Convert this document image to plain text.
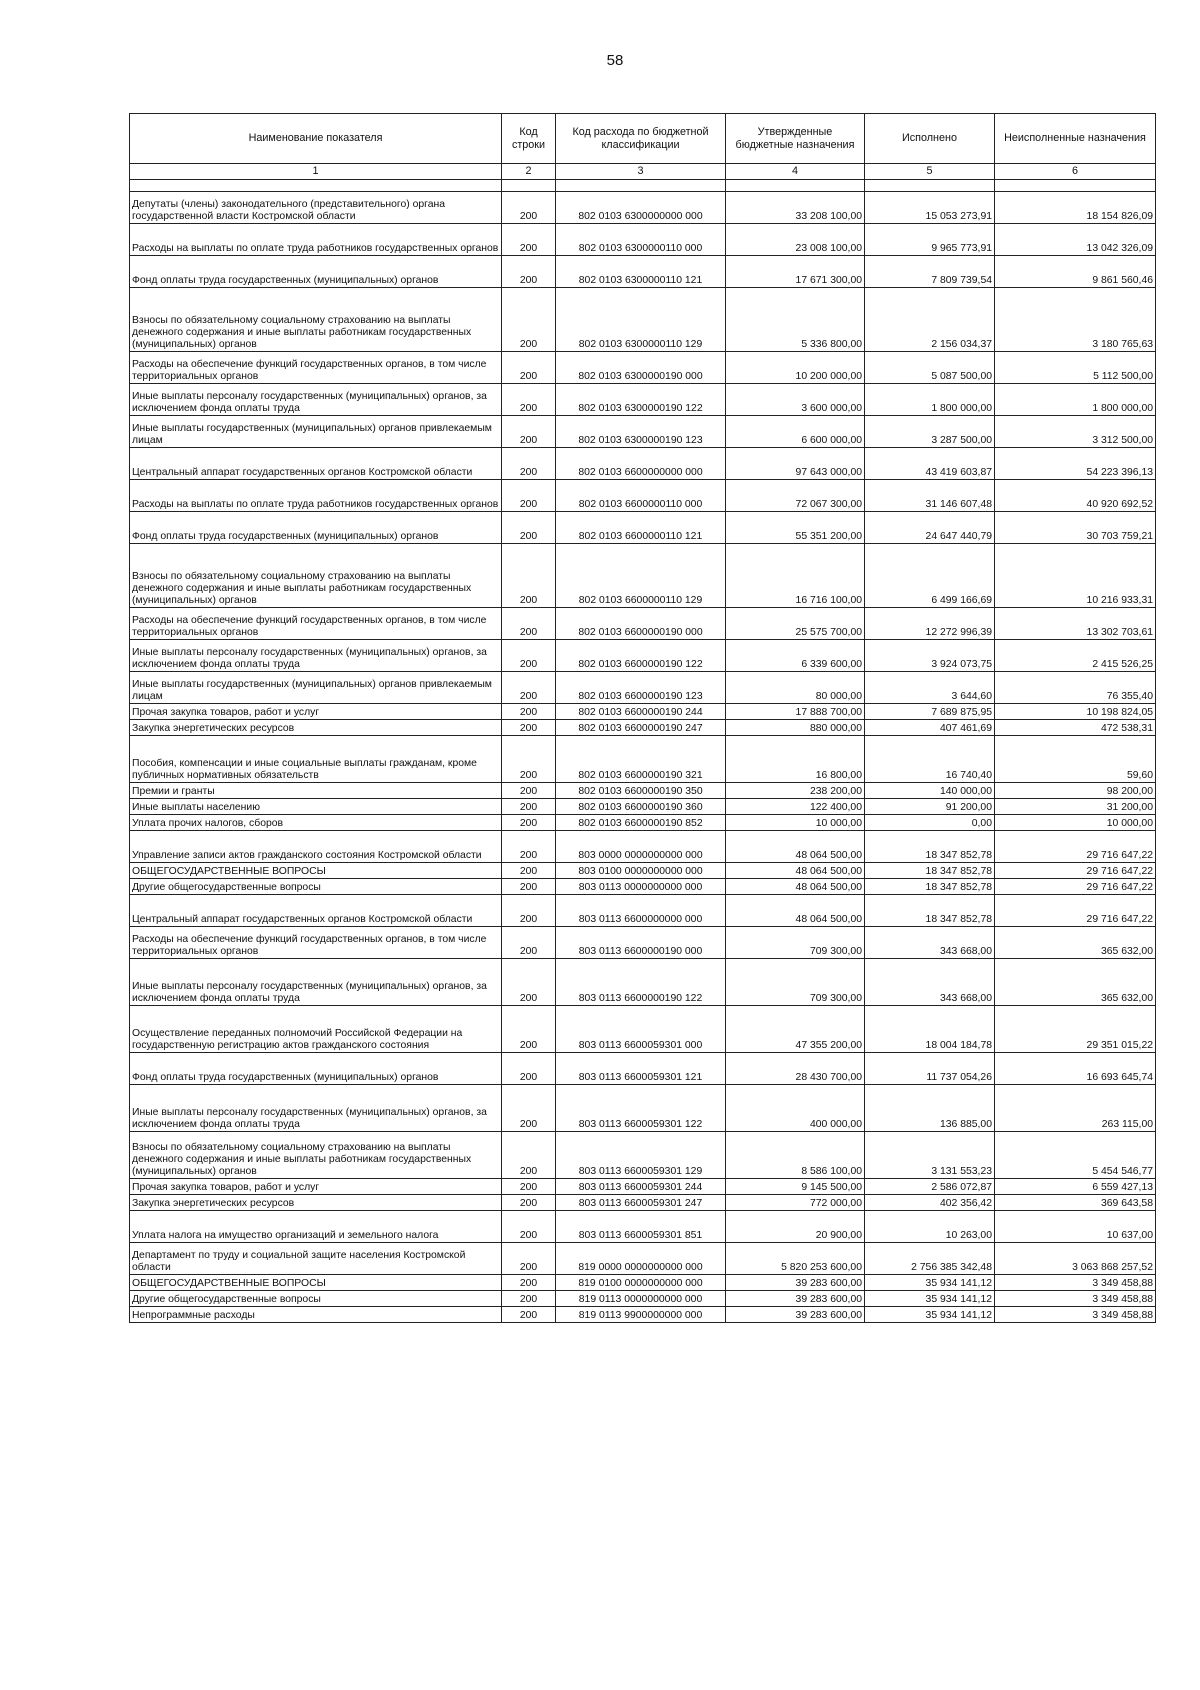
58
Наименование показателя	Код строки	Код расхода по бюджетной классификации	Утвержденные бюджетные назначения	Исполнено	Неисполненные назначения
1	2	3	4	5	6

Депутаты (члены) законодательного (представительного) органа государственной власти Костромской области	200	802 0103 6300000000 000	33 208 100,00	15 053 273,91	18 154 826,09
Расходы на выплаты по оплате труда работников государственных органов	200	802 0103 6300000110 000	23 008 100,00	9 965 773,91	13 042 326,09
Фонд оплаты труда государственных (муниципальных) органов	200	802 0103 6300000110 121	17 671 300,00	7 809 739,54	9 861 560,46
Взносы по обязательному социальному страхованию на выплаты денежного содержания и иные выплаты работникам государственных (муниципальных) органов	200	802 0103 6300000110 129	5 336 800,00	2 156 034,37	3 180 765,63
Расходы на обеспечение функций государственных органов, в том числе территориальных органов	200	802 0103 6300000190 000	10 200 000,00	5 087 500,00	5 112 500,00
Иные выплаты персоналу государственных (муниципальных) органов, за исключением фонда оплаты труда	200	802 0103 6300000190 122	3 600 000,00	1 800 000,00	1 800 000,00
Иные выплаты государственных (муниципальных) органов привлекаемым лицам	200	802 0103 6300000190 123	6 600 000,00	3 287 500,00	3 312 500,00
Центральный аппарат государственных органов Костромской области	200	802 0103 6600000000 000	97 643 000,00	43 419 603,87	54 223 396,13
Расходы на выплаты по оплате труда работников государственных органов	200	802 0103 6600000110 000	72 067 300,00	31 146 607,48	40 920 692,52
Фонд оплаты труда государственных (муниципальных) органов	200	802 0103 6600000110 121	55 351 200,00	24 647 440,79	30 703 759,21
Взносы по обязательному социальному страхованию на выплаты денежного содержания и иные выплаты работникам государственных (муниципальных) органов	200	802 0103 6600000110 129	16 716 100,00	6 499 166,69	10 216 933,31
Расходы на обеспечение функций государственных органов, в том числе территориальных органов	200	802 0103 6600000190 000	25 575 700,00	12 272 996,39	13 302 703,61
Иные выплаты персоналу государственных (муниципальных) органов, за исключением фонда оплаты труда	200	802 0103 6600000190 122	6 339 600,00	3 924 073,75	2 415 526,25
Иные выплаты государственных (муниципальных) органов привлекаемым лицам	200	802 0103 6600000190 123	80 000,00	3 644,60	76 355,40
Прочая закупка товаров, работ и услуг	200	802 0103 6600000190 244	17 888 700,00	7 689 875,95	10 198 824,05
Закупка энергетических ресурсов	200	802 0103 6600000190 247	880 000,00	407 461,69	472 538,31
Пособия, компенсации и иные социальные выплаты гражданам, кроме публичных нормативных обязательств	200	802 0103 6600000190 321	16 800,00	16 740,40	59,60
Премии и гранты	200	802 0103 6600000190 350	238 200,00	140 000,00	98 200,00
Иные выплаты населению	200	802 0103 6600000190 360	122 400,00	91 200,00	31 200,00
Уплата прочих налогов, сборов	200	802 0103 6600000190 852	10 000,00	0,00	10 000,00
Управление записи актов гражданского состояния Костромской области	200	803 0000 0000000000 000	48 064 500,00	18 347 852,78	29 716 647,22
ОБЩЕГОСУДАРСТВЕННЫЕ ВОПРОСЫ	200	803 0100 0000000000 000	48 064 500,00	18 347 852,78	29 716 647,22
Другие общегосударственные вопросы	200	803 0113 0000000000 000	48 064 500,00	18 347 852,78	29 716 647,22
Центральный аппарат государственных органов Костромской области	200	803 0113 6600000000 000	48 064 500,00	18 347 852,78	29 716 647,22
Расходы на обеспечение функций государственных органов, в том числе территориальных органов	200	803 0113 6600000190 000	709 300,00	343 668,00	365 632,00
Иные выплаты персоналу государственных (муниципальных) органов, за исключением фонда оплаты труда	200	803 0113 6600000190 122	709 300,00	343 668,00	365 632,00
Осуществление переданных полномочий Российской Федерации на государственную регистрацию актов гражданского состояния	200	803 0113 6600059301 000	47 355 200,00	18 004 184,78	29 351 015,22
Фонд оплаты труда государственных (муниципальных) органов	200	803 0113 6600059301 121	28 430 700,00	11 737 054,26	16 693 645,74
Иные выплаты персоналу государственных (муниципальных) органов, за исключением фонда оплаты труда	200	803 0113 6600059301 122	400 000,00	136 885,00	263 115,00
Взносы по обязательному социальному страхованию на выплаты денежного содержания и иные выплаты работникам государственных (муниципальных) органов	200	803 0113 6600059301 129	8 586 100,00	3 131 553,23	5 454 546,77
Прочая закупка товаров, работ и услуг	200	803 0113 6600059301 244	9 145 500,00	2 586 072,87	6 559 427,13
Закупка энергетических ресурсов	200	803 0113 6600059301 247	772 000,00	402 356,42	369 643,58
Уплата налога на имущество организаций и земельного налога	200	803 0113 6600059301 851	20 900,00	10 263,00	10 637,00
Департамент по труду и социальной защите населения Костромской области	200	819 0000 0000000000 000	5 820 253 600,00	2 756 385 342,48	3 063 868 257,52
ОБЩЕГОСУДАРСТВЕННЫЕ ВОПРОСЫ	200	819 0100 0000000000 000	39 283 600,00	35 934 141,12	3 349 458,88
Другие общегосударственные вопросы	200	819 0113 0000000000 000	39 283 600,00	35 934 141,12	3 349 458,88
Непрограммные расходы	200	819 0113 9900000000 000	39 283 600,00	35 934 141,12	3 349 458,88
